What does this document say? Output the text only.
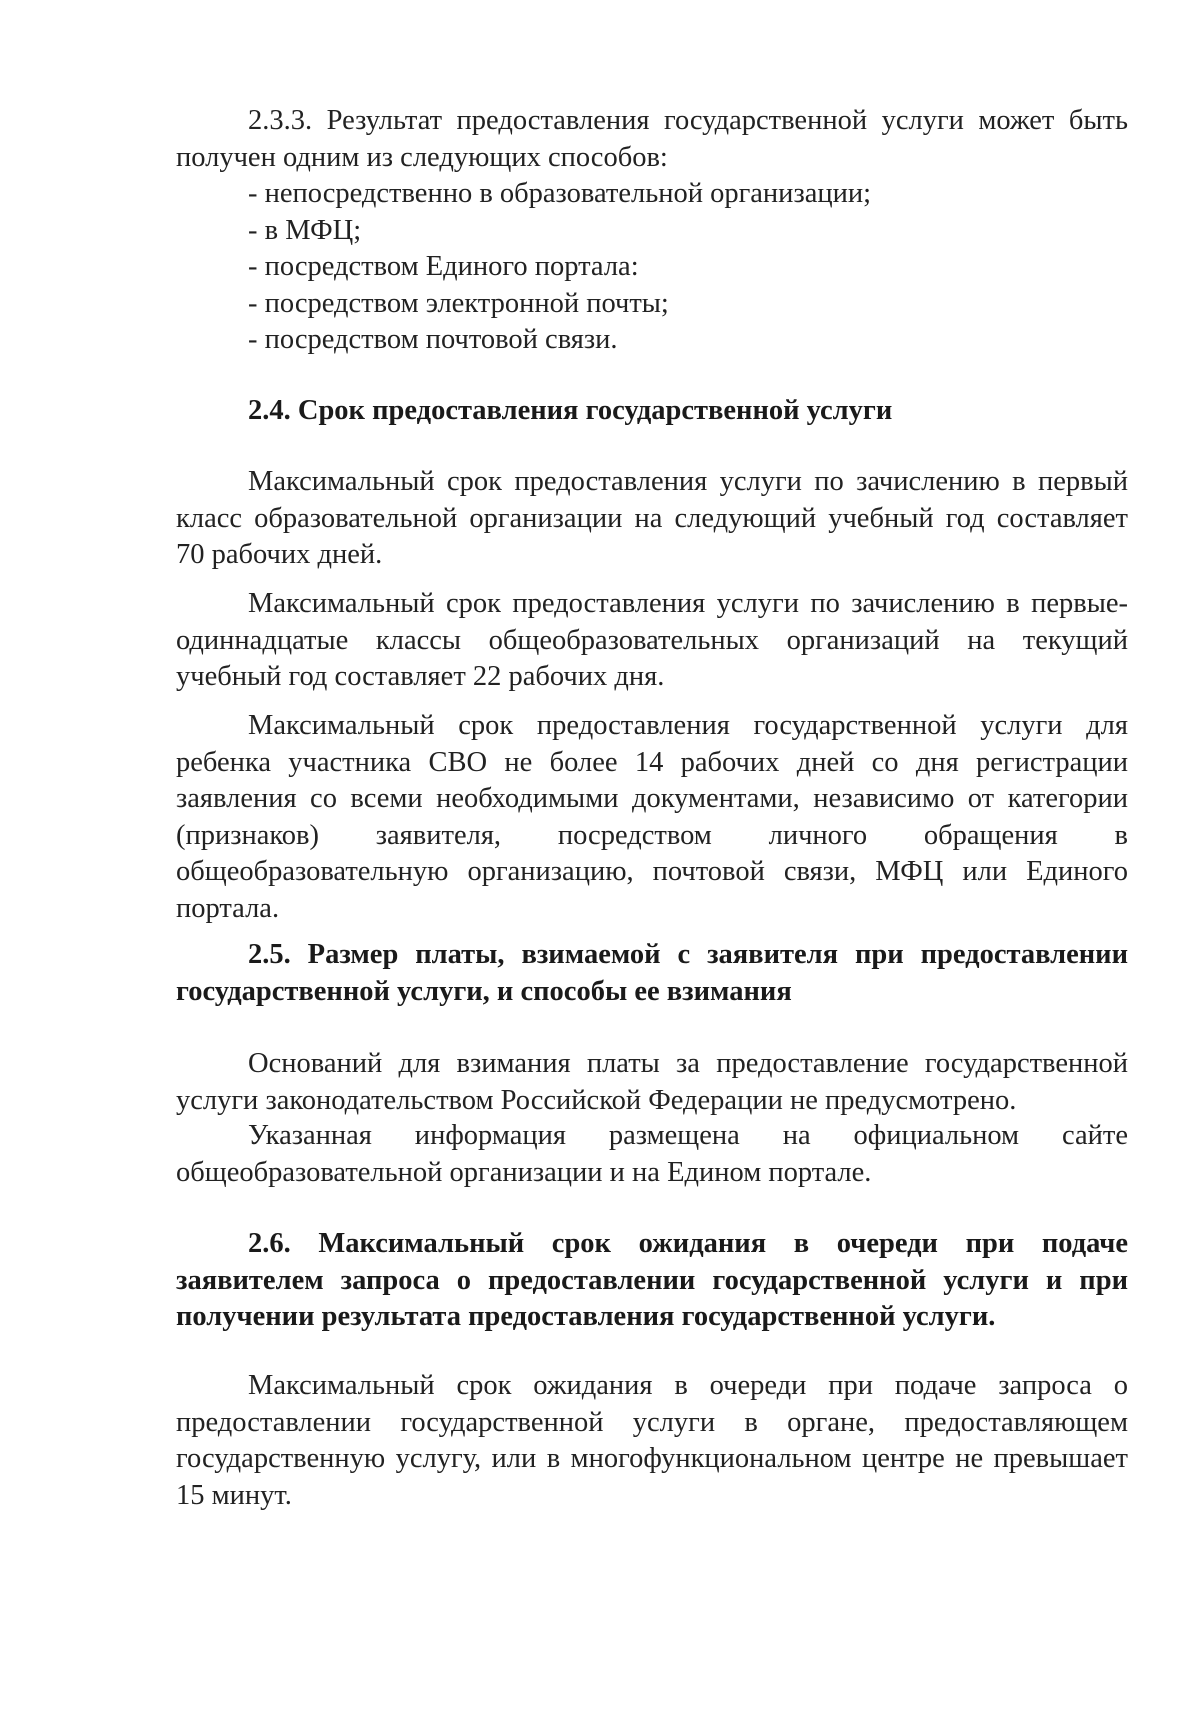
2.3.3. Результат предоставления государственной услуги может быть получен одним из следующих способов:

- непосредственно в образовательной организации;

- в МФЦ;

- посредством Единого портала:

- посредством электронной почты;

- посредством почтовой связи.

2.4. Срок предоставления государственной услуги

Максимальный срок предоставления услуги по зачислению в первый класс образовательной организации на следующий учебный год составляет 70 рабочих дней.

Максимальный срок предоставления услуги по зачислению в первые-одиннадцатые классы общеобразовательных организаций на текущий учебный год составляет 22 рабочих дня.

Максимальный срок предоставления государственной услуги для ребенка участника СВО не более 14 рабочих дней со дня регистрации заявления со всеми необходимыми документами, независимо от категории (признаков) заявителя, посредством личного обращения в общеобразовательную организацию, почтовой связи, МФЦ или Единого портала.

2.5. Размер платы, взимаемой с заявителя при предоставлении государственной услуги, и способы ее взимания

Оснований для взимания платы за предоставление государственной услуги законодательством Российской Федерации не предусмотрено.

Указанная информация размещена на официальном сайте общеобразовательной организации и на Едином портале.

2.6. Максимальный срок ожидания в очереди при подаче заявителем запроса о предоставлении государственной услуги и при получении результата предоставления государственной услуги.

Максимальный срок ожидания в очереди при подаче запроса о предоставлении государственной услуги в органе, предоставляющем государственную услугу, или в многофункциональном центре не превышает 15 минут.
